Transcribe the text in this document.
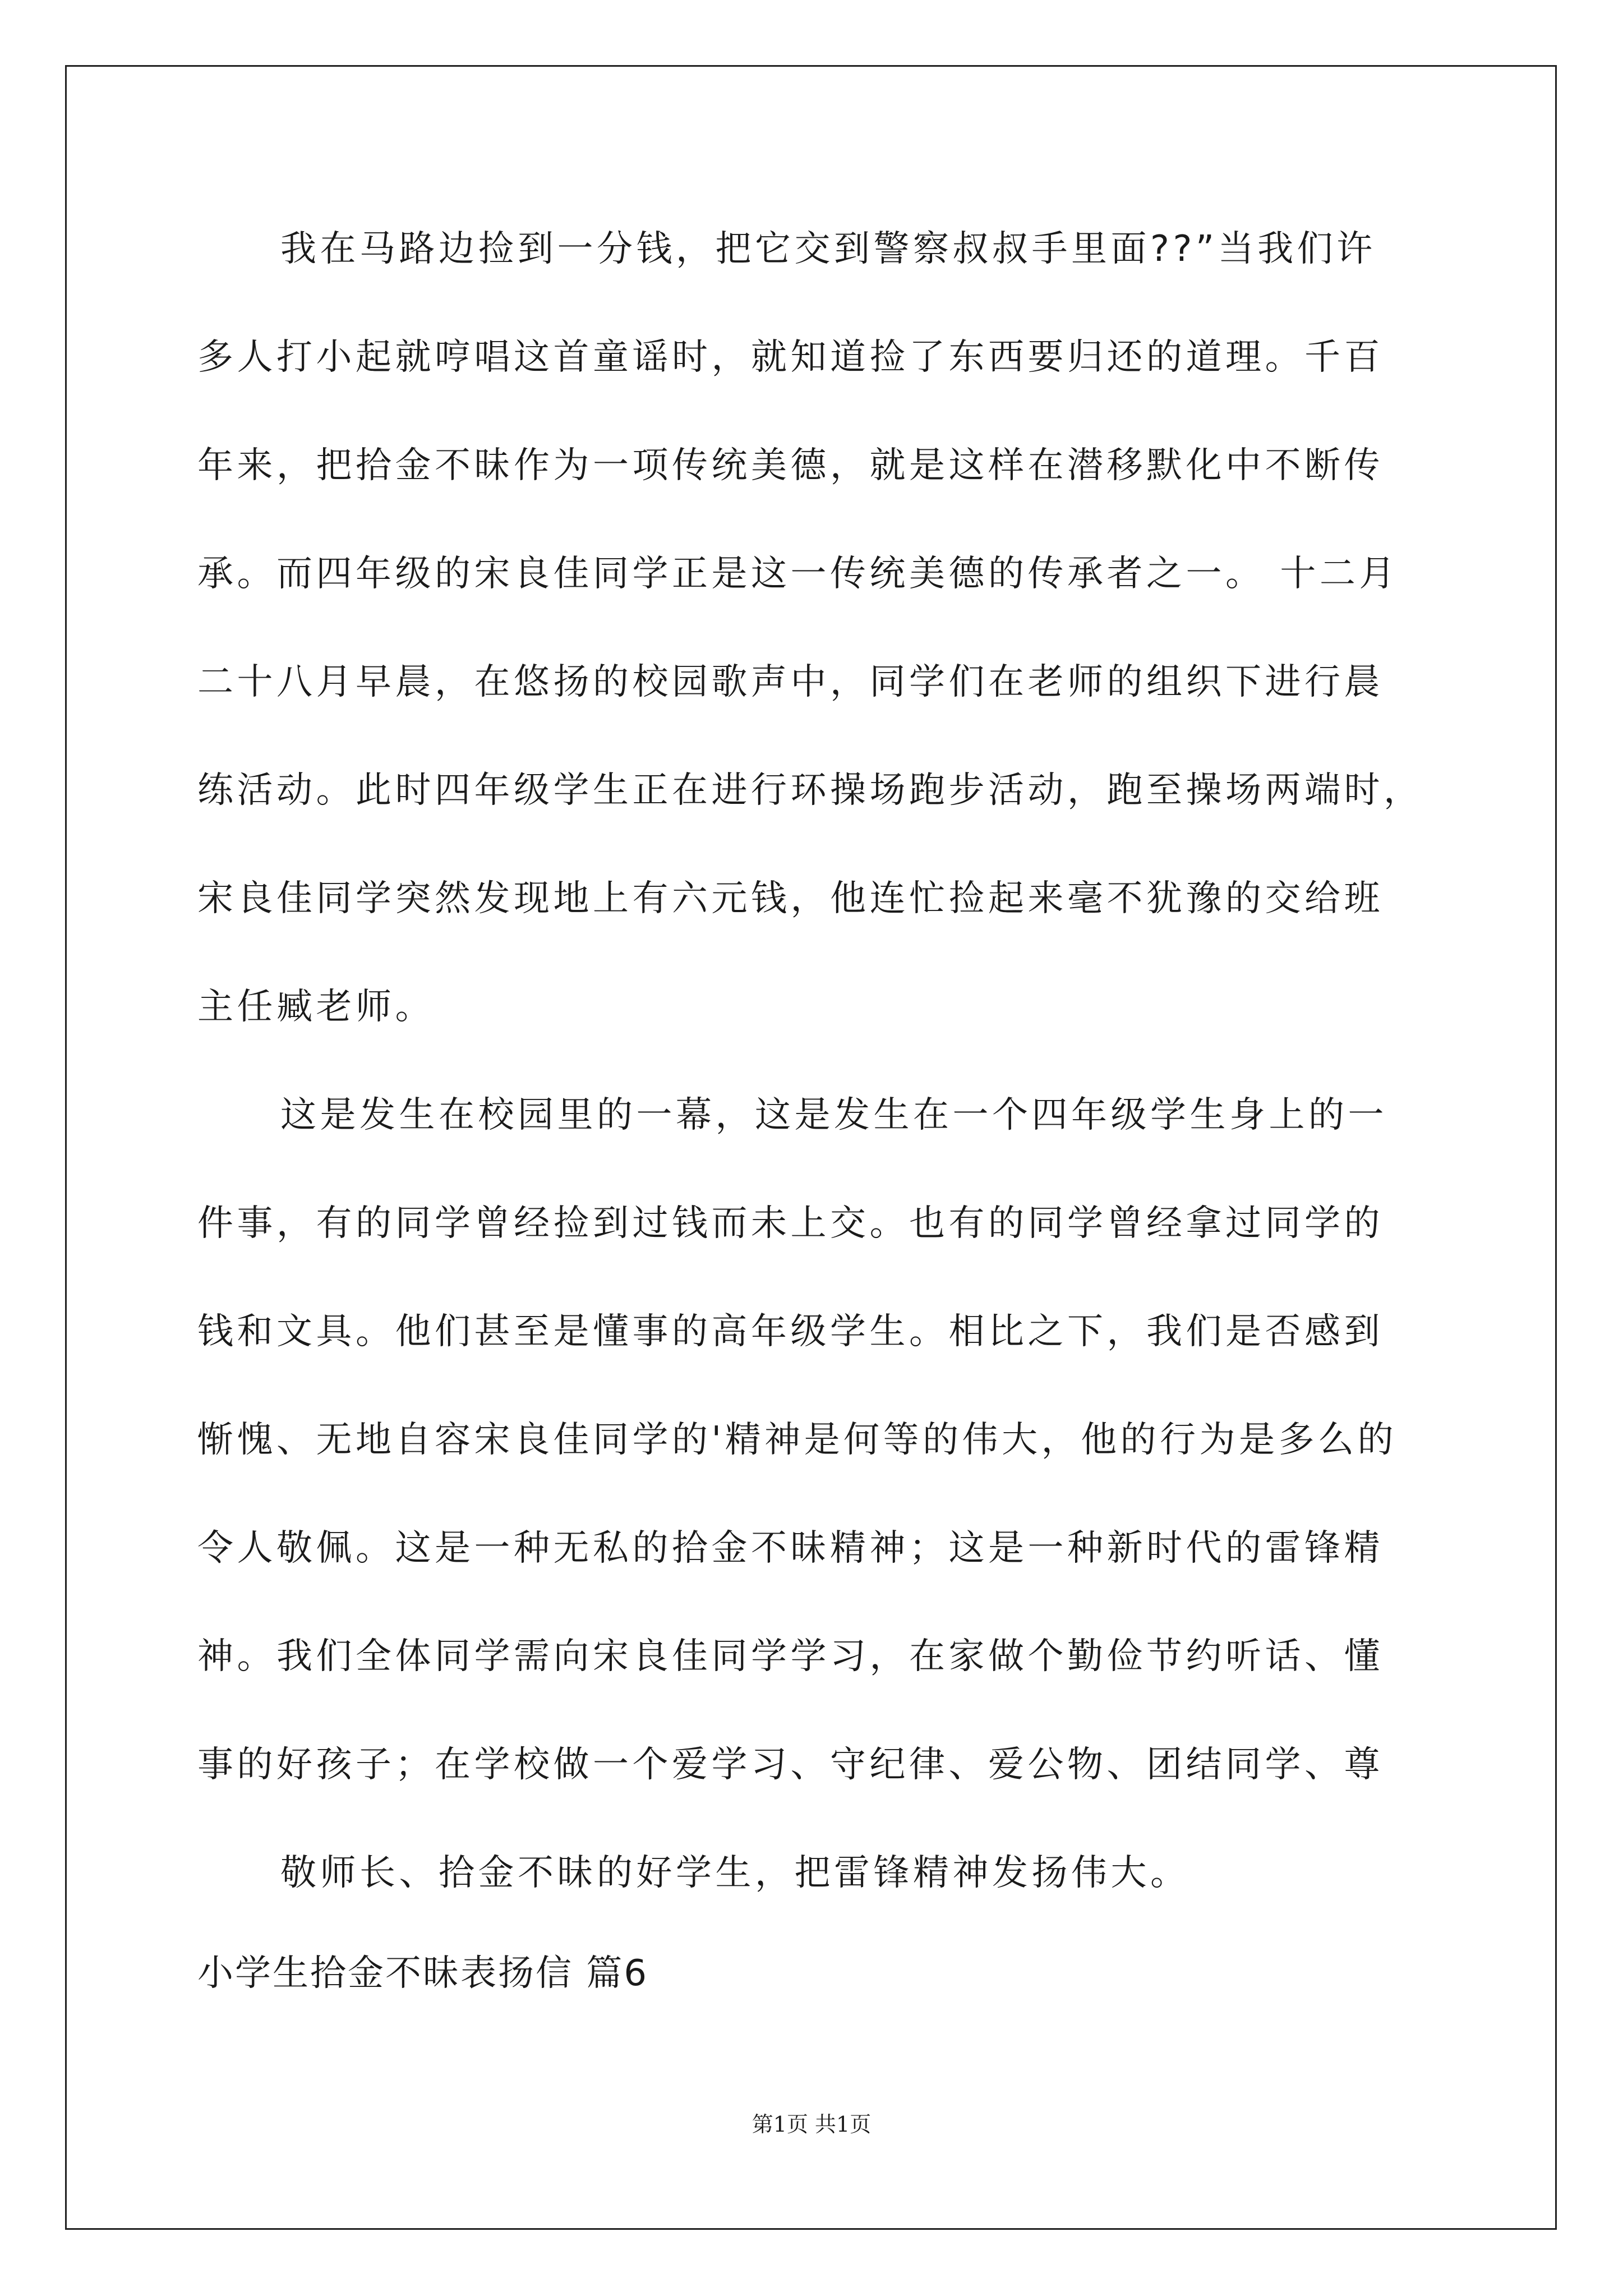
我在马路边捡到一分钱，把它交到警察叔叔手里面??”当我们许
多人打小起就哼唱这首童谣时，就知道捡了东西要归还的道理。千百
年来，把拾金不昧作为一项传统美德，就是这样在潜移默化中不断传
承。而四年级的宋良佳同学正是这一传统美德的传承者之一。 十二月
二十八月早晨，在悠扬的校园歌声中，同学们在老师的组织下进行晨
练活动。此时四年级学生正在进行环操场跑步活动，跑至操场两端时，
宋良佳同学突然发现地上有六元钱，他连忙捡起来毫不犹豫的交给班
主任臧老师。
这是发生在校园里的一幕，这是发生在一个四年级学生身上的一
件事，有的同学曾经捡到过钱而未上交。也有的同学曾经拿过同学的
钱和文具。他们甚至是懂事的高年级学生。相比之下，我们是否感到
惭愧、无地自容宋良佳同学的'精神是何等的伟大，他的行为是多么的
令人敬佩。这是一种无私的拾金不昧精神；这是一种新时代的雷锋精
神。我们全体同学需向宋良佳同学学习，在家做个勤俭节约听话、懂
事的好孩子；在学校做一个爱学习、守纪律、爱公物、团结同学、尊
敬师长、拾金不昧的好学生，把雷锋精神发扬伟大。
小学生拾金不昧表扬信 篇6
第1页 共1页
